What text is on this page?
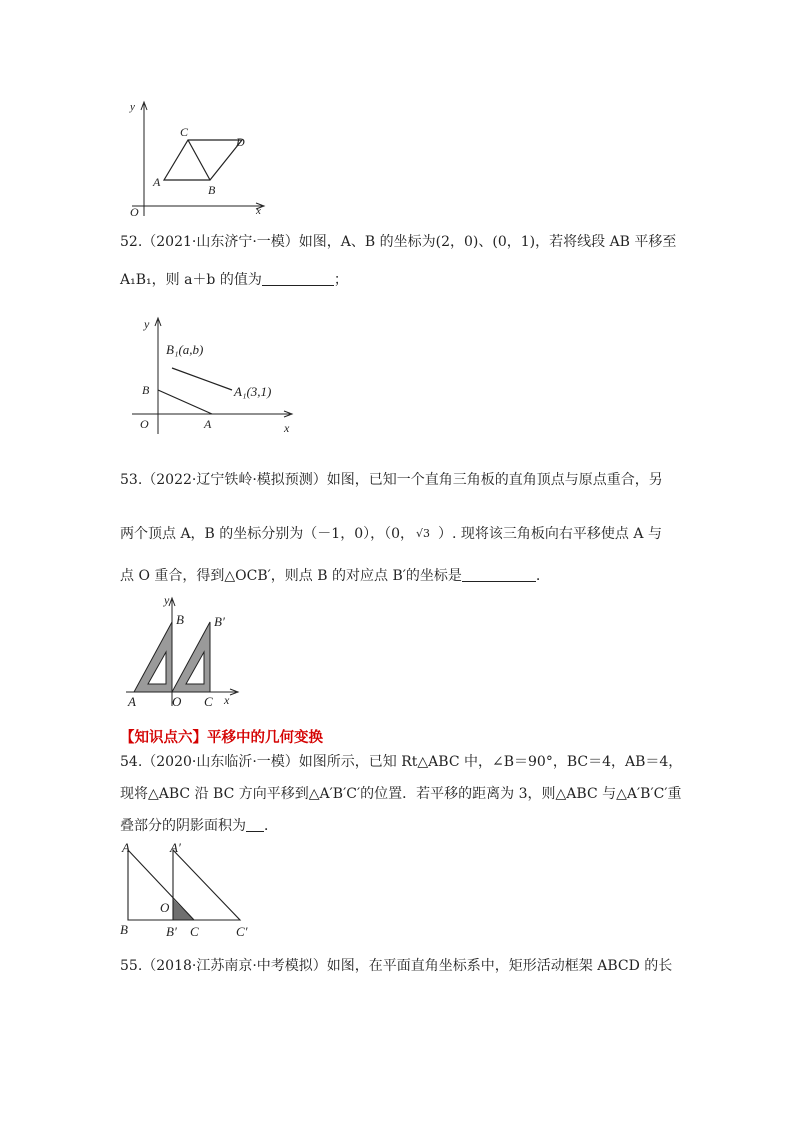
y
x
O
A
B
C
D
52.（2021·山东济宁·一模）如图，A、B 的坐标为(2，0)、(0，1)，若将线段 AB 平移至
A₁B₁，则 a＋b 的值为	；
y
x
O	A
B
B₁(a,b)
A₁(3,1)
53.（2022·辽宁铁岭·模拟预测）如图，已知一个直角三角板的直角顶点与原点重合，另
两个顶点 A，B 的坐标分别为（－1，0），（0， √3 ）. 现将该三角板向右平移使点 A 与
点 O 重合，得到△OCB′，则点 B 的对应点 B′的坐标是	.
y
x
O
A
B
C
B′
【知识点六】平移中的几何变换
54.（2020·山东临沂·一模）如图所示，已知 Rt△ABC 中，∠B＝90°，BC＝4，AB＝4，
现将△ABC 沿 BC 方向平移到△A′B′C′的位置．若平移的距离为 3，则△ABC 与△A′B′C′重
叠部分的阴影面积为 ．
A	A′
O
B	B′ C	C′
55.（2018·江苏南京·中考模拟）如图，在平面直角坐标系中，矩形活动框架 ABCD 的长
